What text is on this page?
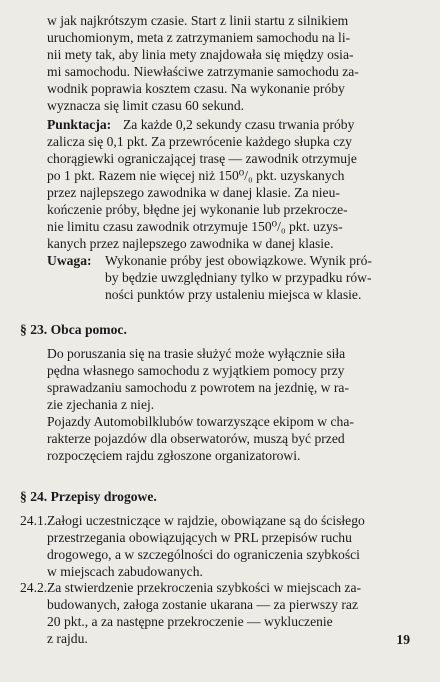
w jak najkrótszym czasie. Start z linii startu z silnikiem

uruchomionym, meta z zatrzymaniem samochodu na li-

nii mety tak, aby linia mety znajdowała się między osia-

mi samochodu. Niewłaściwe zatrzymanie samochodu za-

wodnik poprawia kosztem czasu. Na wykonanie próby

wyznacza się limit czasu 60 sekund.

Punktacja: Za każde 0,2 sekundy czasu trwania próby
zalicza się 0,1 pkt. Za przewrócenie każdego słupka czy
chorągiewki ograniczającej trasę — zawodnik otrzymuje
po 1 pkt. Razem nie więcej niż 150⁰/₀ pkt. uzyskanych
przez najlepszego zawodnika w danej klasie. Za nieu-
kończenie próby, błędne jej wykonanie lub przekrocze-
nie limitu czasu zawodnik otrzymuje 150⁰/₀ pkt. uzys-
kanych przez najlepszego zawodnika w danej klasie.
Uwaga: Wykonanie próby jest obowiązkowe. Wynik pró-
by będzie uwzględniany tylko w przypadku rów-
ności punktów przy ustaleniu miejsca w klasie.
§ 23. Obca pomoc.

Do poruszania się na trasie służyć może wyłącznie siła

pędna własnego samochodu z wyjątkiem pomocy przy

sprawadzaniu samochodu z powrotem na jezdnię, w ra-

zie zjechania z niej.

Pojazdy Automobilklubów towarzyszące ekipom w cha-

rakterze pojazdów dla obserwatorów, muszą być przed

rozpoczęciem rajdu zgłoszone organizatorowi.

§ 24. Przepisy drogowe.
24.1. Załogi uczestniczące w rajdzie, obowiązane są do ścisłego

przestrzegania obowiązujących w PRL przepisów ruchu

drogowego, a w szczególności do ograniczenia szybkości

w miejscach zabudowanych.

24.2. Za stwierdzenie przekroczenia szybkości w miejscach za-

budowanych, załoga zostanie ukarana — za pierwszy raz

20 pkt., a za następne przekroczenie — wykluczenie

z rajdu.	19
